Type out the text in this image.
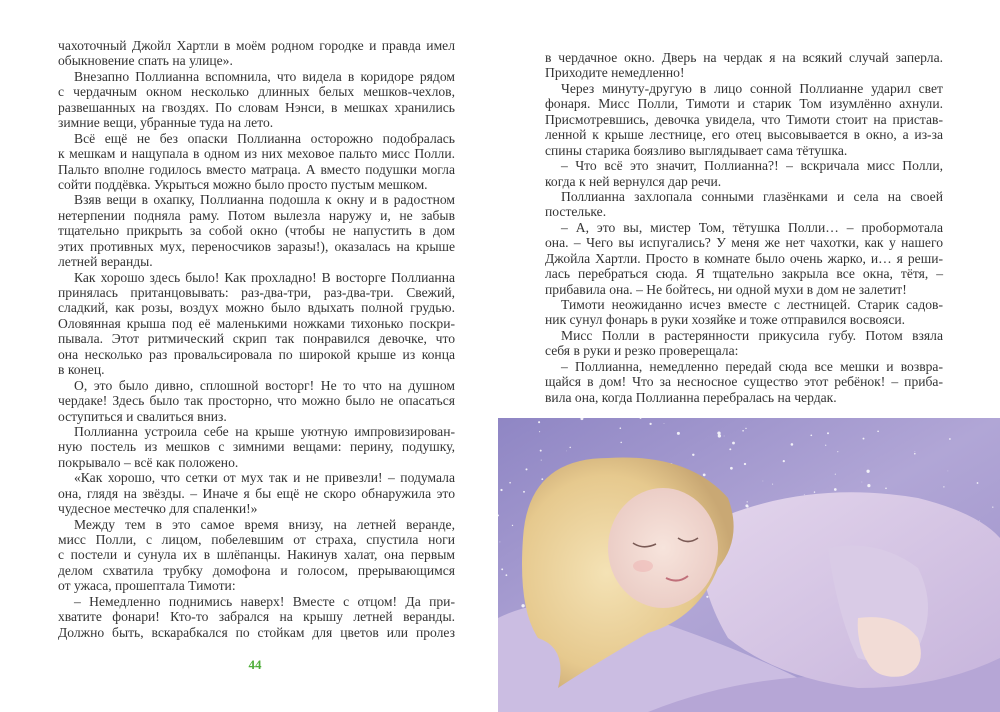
чахоточный Джойл Хартли в моём родном городке и правда имел
обыкновение спать на улице».
Внезапно Поллианна вспомнила, что видела в коридоре рядом
с чердачным окном несколько длинных белых мешков-чехлов,
развешанных на гвоздях. По словам Нэнси, в мешках хранились
зимние вещи, убранные туда на лето.
Всё ещё не без опаски Поллианна осторожно подобралась
к мешкам и нащупала в одном из них меховое пальто мисс Полли.
Пальто вполне годилось вместо матраца. А вместо подушки могла
сойти поддёвка. Укрыться можно было просто пустым мешком.
Взяв вещи в охапку, Поллианна подошла к окну и в радостном
нетерпении подняла раму. Потом вылезла наружу и, не забыв
тщательно прикрыть за собой окно (чтобы не напустить в дом
этих противных мух, переносчиков заразы!), оказалась на крыше
летней веранды.
Как хорошо здесь было! Как прохладно! В восторге Поллианна
принялась пританцовывать: раз-два-три, раз-два-три. Свежий,
сладкий, как розы, воздух можно было вдыхать полной грудью.
Оловянная крыша под её маленькими ножками тихонько поскри-
пывала. Этот ритмический скрип так понравился девочке, что
она несколько раз провальсировала по широкой крыше из конца
в конец.
О, это было дивно, сплошной восторг! Не то что на душном
чердаке! Здесь было так просторно, что можно было не опасаться
оступиться и свалиться вниз.
Поллианна устроила себе на крыше уютную импровизирован-
ную постель из мешков с зимними вещами: перину, подушку,
покрывало – всё как положено.
«Как хорошо, что сетки от мух так и не привезли! – подумала
она, глядя на звёзды. – Иначе я бы ещё не скоро обнаружила это
чудесное местечко для спаленки!»
Между тем в это самое время внизу, на летней веранде,
мисс Полли, с лицом, побелевшим от страха, спустила ноги
с постели и сунула их в шлёпанцы. Накинув халат, она первым
делом схватила трубку домофона и голосом, прерывающимся
от ужаса, прошептала Тимоти:
– Немедленно поднимись наверх! Вместе с отцом! Да при-
хватите фонари! Кто-то забрался на крышу летней веранды.
Должно быть, вскарабкался по стойкам для цветов или пролез
44
в чердачное окно. Дверь на чердак я на всякий случай заперла.
Приходите немедленно!
Через минуту-другую в лицо сонной Поллианне ударил свет
фонаря. Мисс Полли, Тимоти и старик Том изумлённо ахнули.
Присмотревшись, девочка увидела, что Тимоти стоит на пристав-
ленной к крыше лестнице, его отец высовывается в окно, а из-за
спины старика боязливо выглядывает сама тётушка.
– Что всё это значит, Поллианна?! – вскричала мисс Полли,
когда к ней вернулся дар речи.
Поллианна захлопала сонными глазёнками и села на своей
постельке.
– А, это вы, мистер Том, тётушка Полли… – пробормотала
она. – Чего вы испугались? У меня же нет чахотки, как у нашего
Джойла Хартли. Просто в комнате было очень жарко, и… я реши-
лась перебраться сюда. Я тщательно закрыла все окна, тётя, –
прибавила она. – Не бойтесь, ни одной мухи в дом не залетит!
Тимоти неожиданно исчез вместе с лестницей. Старик садов-
ник сунул фонарь в руки хозяйке и тоже отправился восвояси.
Мисс Полли в растерянности прикусила губу. Потом взяла
себя в руки и резко проверещала:
– Поллианна, немедленно передай сюда все мешки и возвра-
щайся в дом! Что за несносное существо этот ребёнок! – приба-
вила она, когда Поллианна перебралась на чердак.
